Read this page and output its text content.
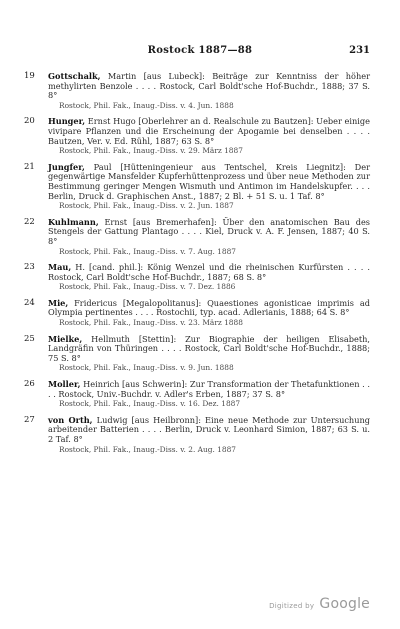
Rostock 1887—88	231
19 Gottschalk, Martin [aus Lubeck]: Beiträge zur Kenntniss der höher methylirten Benzole . . . . Rostock, Carl Boldt'sche Hof-Buchdr., 1888; 37 S. 8°
Rostock, Phil. Fak., Inaug.-Diss. v. 4. Jun. 1888
20 Hunger, Ernst Hugo [Oberlehrer an d. Realschule zu Bautzen]: Ueber einige vivipare Pflanzen und die Erscheinung der Apogamie bei denselben . . . . Bautzen, Ver. v. Ed. Rühl, 1887; 63 S. 8°
Rostock, Phil. Fak., Inaug.-Diss. v. 29. März 1887
21 Jungfer, Paul [Hütteningenieur aus Tentschel, Kreis Liegnitz]: Der gegenwärtige Mansfelder Kupferhüttenprozess und über neue Methoden zur Bestimmung geringer Mengen Wismuth und Antimon im Handelskupfer. . . . Berlin, Druck d. Graphischen Anst., 1887; 2 Bl. + 51 S. u. 1 Taf. 8°
Rostock, Phil. Fak., Inaug.-Diss. v. 2. Jun. 1887
22 Kuhlmann, Ernst [aus Bremerhafen]: Über den anatomischen Bau des Stengels der Gattung Plantago . . . . Kiel, Druck v. A. F. Jensen, 1887; 40 S. 8°
Rostock, Phil. Fak., Inaug.-Diss. v. 7. Aug. 1887
23 Mau, H. [cand. phil.]: König Wenzel und die rheinischen Kurfürsten . . . . Rostock, Carl Boldt'sche Hof-Buchdr., 1887; 68 S. 8°
Rostock, Phil. Fak., Inaug.-Diss. v. 7. Dez. 1886
24 Mie, Fridericus [Megalopolitanus]: Quaestiones agonisticae imprimis ad Olympia pertinentes . . . . Rostochii, typ. acad. Adlerianis, 1888; 64 S. 8°
Rostock, Phil. Fak., Inaug.-Diss. v. 23. März 1888
25 Mielke, Hellmuth [Stettin]: Zur Biographie der heiligen Elisabeth, Landgräfin von Thüringen . . . . Rostock, Carl Boldt'sche Hof-Buchdr., 1888; 75 S. 8°
Rostock, Phil. Fak., Inaug.-Diss. v. 9. Jun. 1888
26 Moller, Heinrich [aus Schwerin]: Zur Transformation der Thetafunktionen . . . . Rostock, Univ.-Buchdr. v. Adler's Erben, 1887; 37 S. 8°
Rostock, Phil. Fak., Inaug.-Diss. v. 16. Dez. 1887
27 von Orth, Ludwig [aus Heilbronn]: Eine neue Methode zur Untersuchung arbeitender Batterien . . . . Berlin, Druck v. Leonhard Simion, 1887; 63 S. u. 2 Taf. 8°
Rostock, Phil. Fak., Inaug.-Diss. v. 2. Aug. 1887
Digitized by Google
